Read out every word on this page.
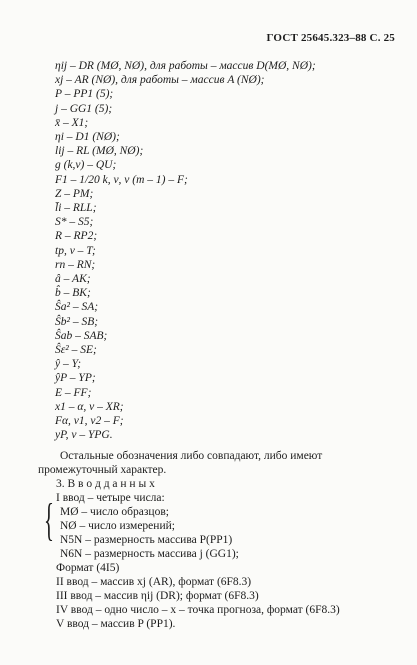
ГОСТ 25645.323–88 С. 25
ηij – DR (MØ, NØ), для работы – массив D(MØ, NØ);
xj – AR (NØ), для работы – массив A (NØ);
P – PP1 (5);
j – GG1 (5);
x̄ – X1;
ηi – D1 (NØ);
lij – RL (MØ, NØ);
g (k,ν) – QU;
F1 – 1/20 k, ν, ν (m – 1) – F;
Z – PM;
l̄i – RLL;
S* – S5;
R – RP2;
tp, ν – T;
rn – RN;
â – AK;
b̂ – BK;
Ŝa² – SA;
Ŝb² – SB;
Ŝab – SAB;
Ŝε² – SE;
ŷ – Y;
ŷP – YP;
E – FF;
x1 – α, ν – XR;
Fα, ν1, ν2 – F;
yP, ν – YPG.
Остальные обозначения либо совпадают, либо имеют промежуточный характер.
3. В в о д д а н н ы х
I ввод – четыре числа:
{ MØ – число образцов;
NØ – число измерений;
N5N – размерность массива P(PP1)
N6N – размерность массива j (GG1);
Формат (4I5)
II ввод – массив xj (AR), формат (6F8.3)
III ввод – массив ηij (DR); формат (6F8.3)
IV ввод – одно число – x – точка прогноза, формат (6F8.3)
V ввод – массив P (PP1).
